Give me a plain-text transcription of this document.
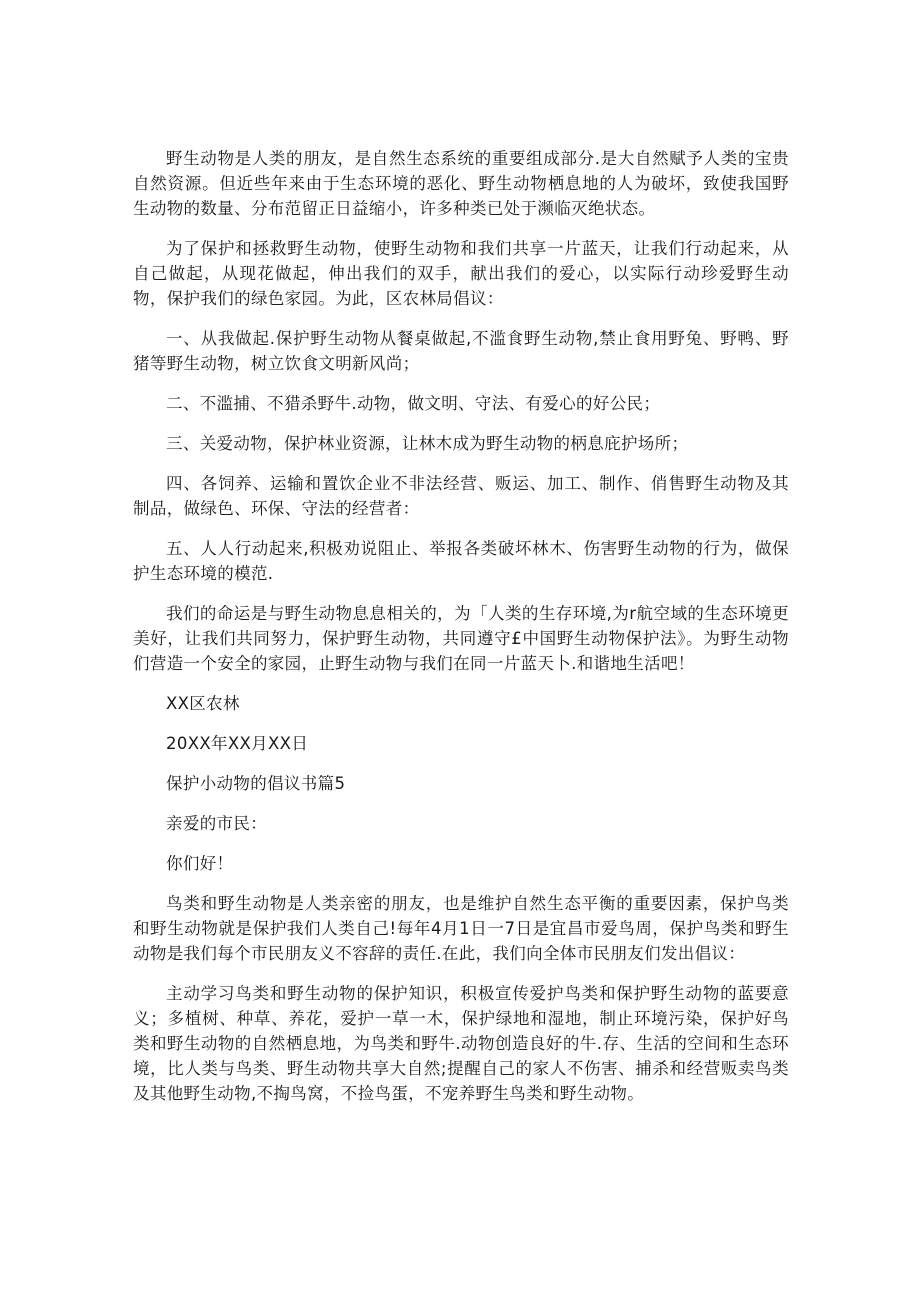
野生动物是人类的朋友，是自然生态系统的重要组成部分.是大自然赋予人类的宝贵自然资源。但近些年来由于生态环境的恶化、野生动物栖息地的人为破坏，致使我国野生动物的数量、分布范留正日益缩小，许多种类已处于濒临灭绝状态。

为了保护和拯救野生动物，使野生动物和我们共享一片蓝天，让我们行动起来，从自己做起，从现花做起，伸出我们的双手，献出我们的爱心，以实际行动珍爱野生动物，保护我们的绿色家园。为此，区农林局倡议：

一、从我做起.保护野生动物从餐桌做起,不滥食野生动物,禁止食用野兔、野鸭、野猪等野生动物，树立饮食文明新风尚；

二、不滥捕、不猎杀野牛.动物，做文明、守法、有爱心的好公民；

三、关爱动物，保护林业资源，让林木成为野生动物的柄息庇护场所；

四、各饲养、运输和置饮企业不非法经营、贩运、加工、制作、俏售野生动物及其制品，做绿色、环保、守法的经营者：

五、人人行动起来,积极劝说阻止、举报各类破坏林木、伤害野生动物的行为，做保护生态环境的模范.

我们的命运是与野生动物息息相关的，为「人类的生存环境,为r航空域的生态环境更美好，让我们共同努力，保护野生动物，共同遵守£中国野生动物保护法》。为野生动物们营造一个安全的家园，止野生动物与我们在同一片蓝天卜.和谐地生活吧！

XX区农林

20XX年XX月XX日

保护小动物的倡议书篇5

亲爱的市民：

你们好！

鸟类和野生动物是人类亲密的朋友，也是维护自然生态平衡的重要因素，保护鸟类和野生动物就是保护我们人类自己!每年4月1日一7日是宜昌市爱鸟周，保护鸟类和野生动物是我们每个市民朋友义不容辞的责任.在此，我们向全体市民朋友们发出倡议：

主动学习鸟类和野生动物的保护知识，积极宣传爱护鸟类和保护野生动物的蓝要意义；多植树、种草、养花，爱护一草一木，保护绿地和湿地，制止环境污染，保护好鸟类和野生动物的自然栖息地，为鸟类和野牛.动物创造良好的牛.存、生活的空间和生态环境，比人类与鸟类、野生动物共享大自然;提醒自己的家人不伤害、捕杀和经营贩卖鸟类及其他野生动物,不掏鸟窝，不捡鸟蛋，不宠养野生鸟类和野生动物。
